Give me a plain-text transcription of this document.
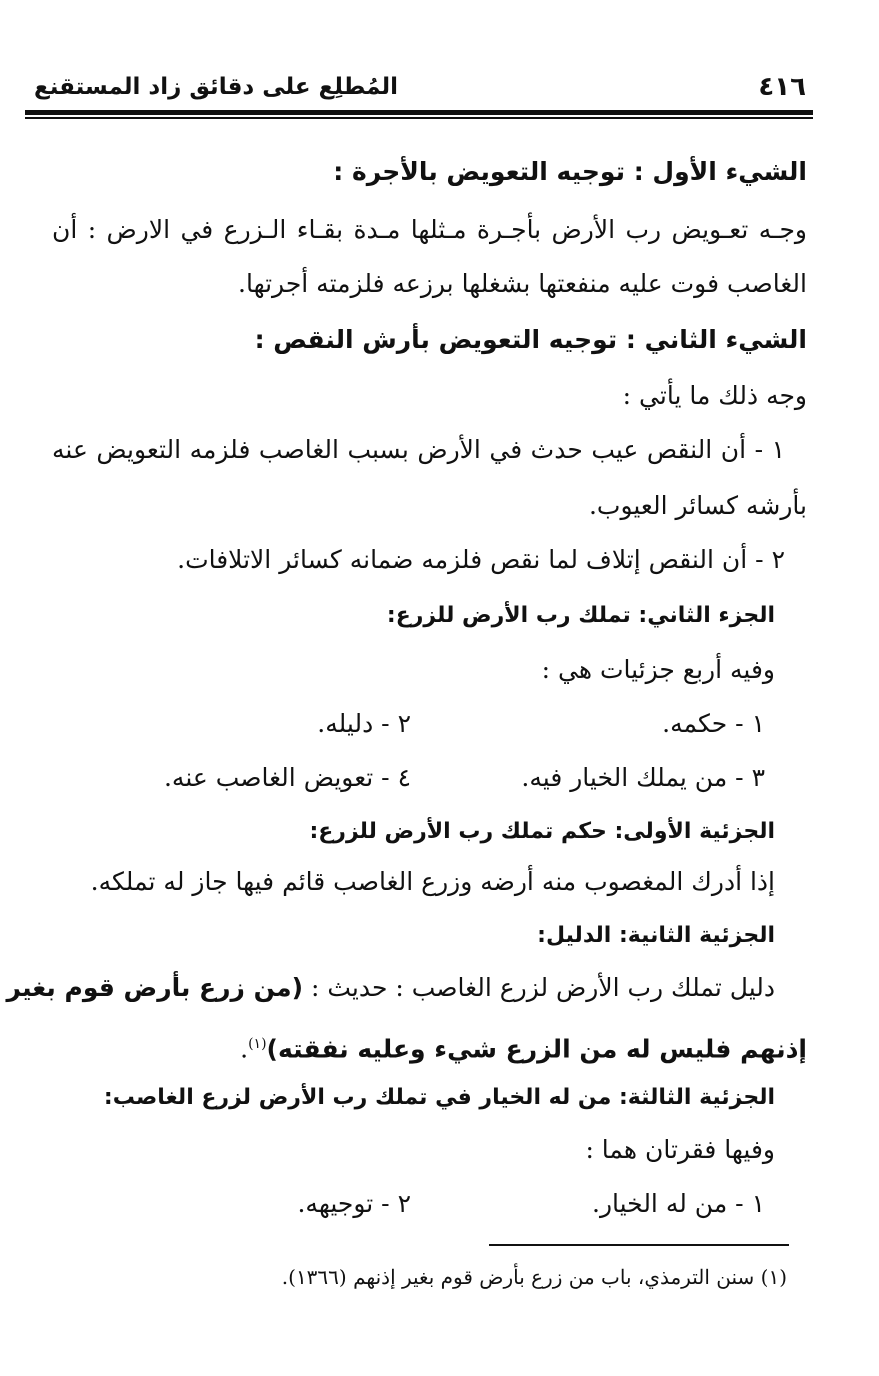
٤١٦
المُطلِع على دقائق زاد المستقنع
الشيء الأول : توجيه التعويض بالأجرة :
وجـه تعـويض رب الأرض بأجـرة مـثلها مـدة بقـاء الـزرع في الارض : أن
الغاصب فوت عليه منفعتها بشغلها برزعه فلزمته أجرتها.
الشيء الثاني : توجيه التعويض بأرش النقص :
وجه ذلك ما يأتي :
١ - أن النقص عيب حدث في الأرض بسبب الغاصب فلزمه التعويض عنه
بأرشه كسائر العيوب.
٢ - أن النقص إتلاف لما نقص فلزمه ضمانه كسائر الاتلافات.
الجزء الثاني: تملك رب الأرض للزرع:
وفيه أربع جزئيات هي :
١ - حكمه.
٢ - دليله.
٣ - من يملك الخيار فيه.
٤ - تعويض الغاصب عنه.
الجزئية الأولى: حكم تملك رب الأرض للزرع:
إذا أدرك المغصوب منه أرضه وزرع الغاصب قائم فيها جاز له تملكه.
الجزئية الثانية: الدليل:
دليل تملك رب الأرض لزرع الغاصب : حديث : (من زرع بأرض قوم بغير
إذنهم فليس له من الزرع شيء وعليه نفقته)$^{(١)}$.
الجزئية الثالثة: من له الخيار في تملك رب الأرض لزرع الغاصب:
وفيها فقرتان هما :
١ - من له الخيار.
٢ - توجيهه.
(١) سنن الترمذي، باب من زرع بأرض قوم بغير إذنهم (١٣٦٦).
